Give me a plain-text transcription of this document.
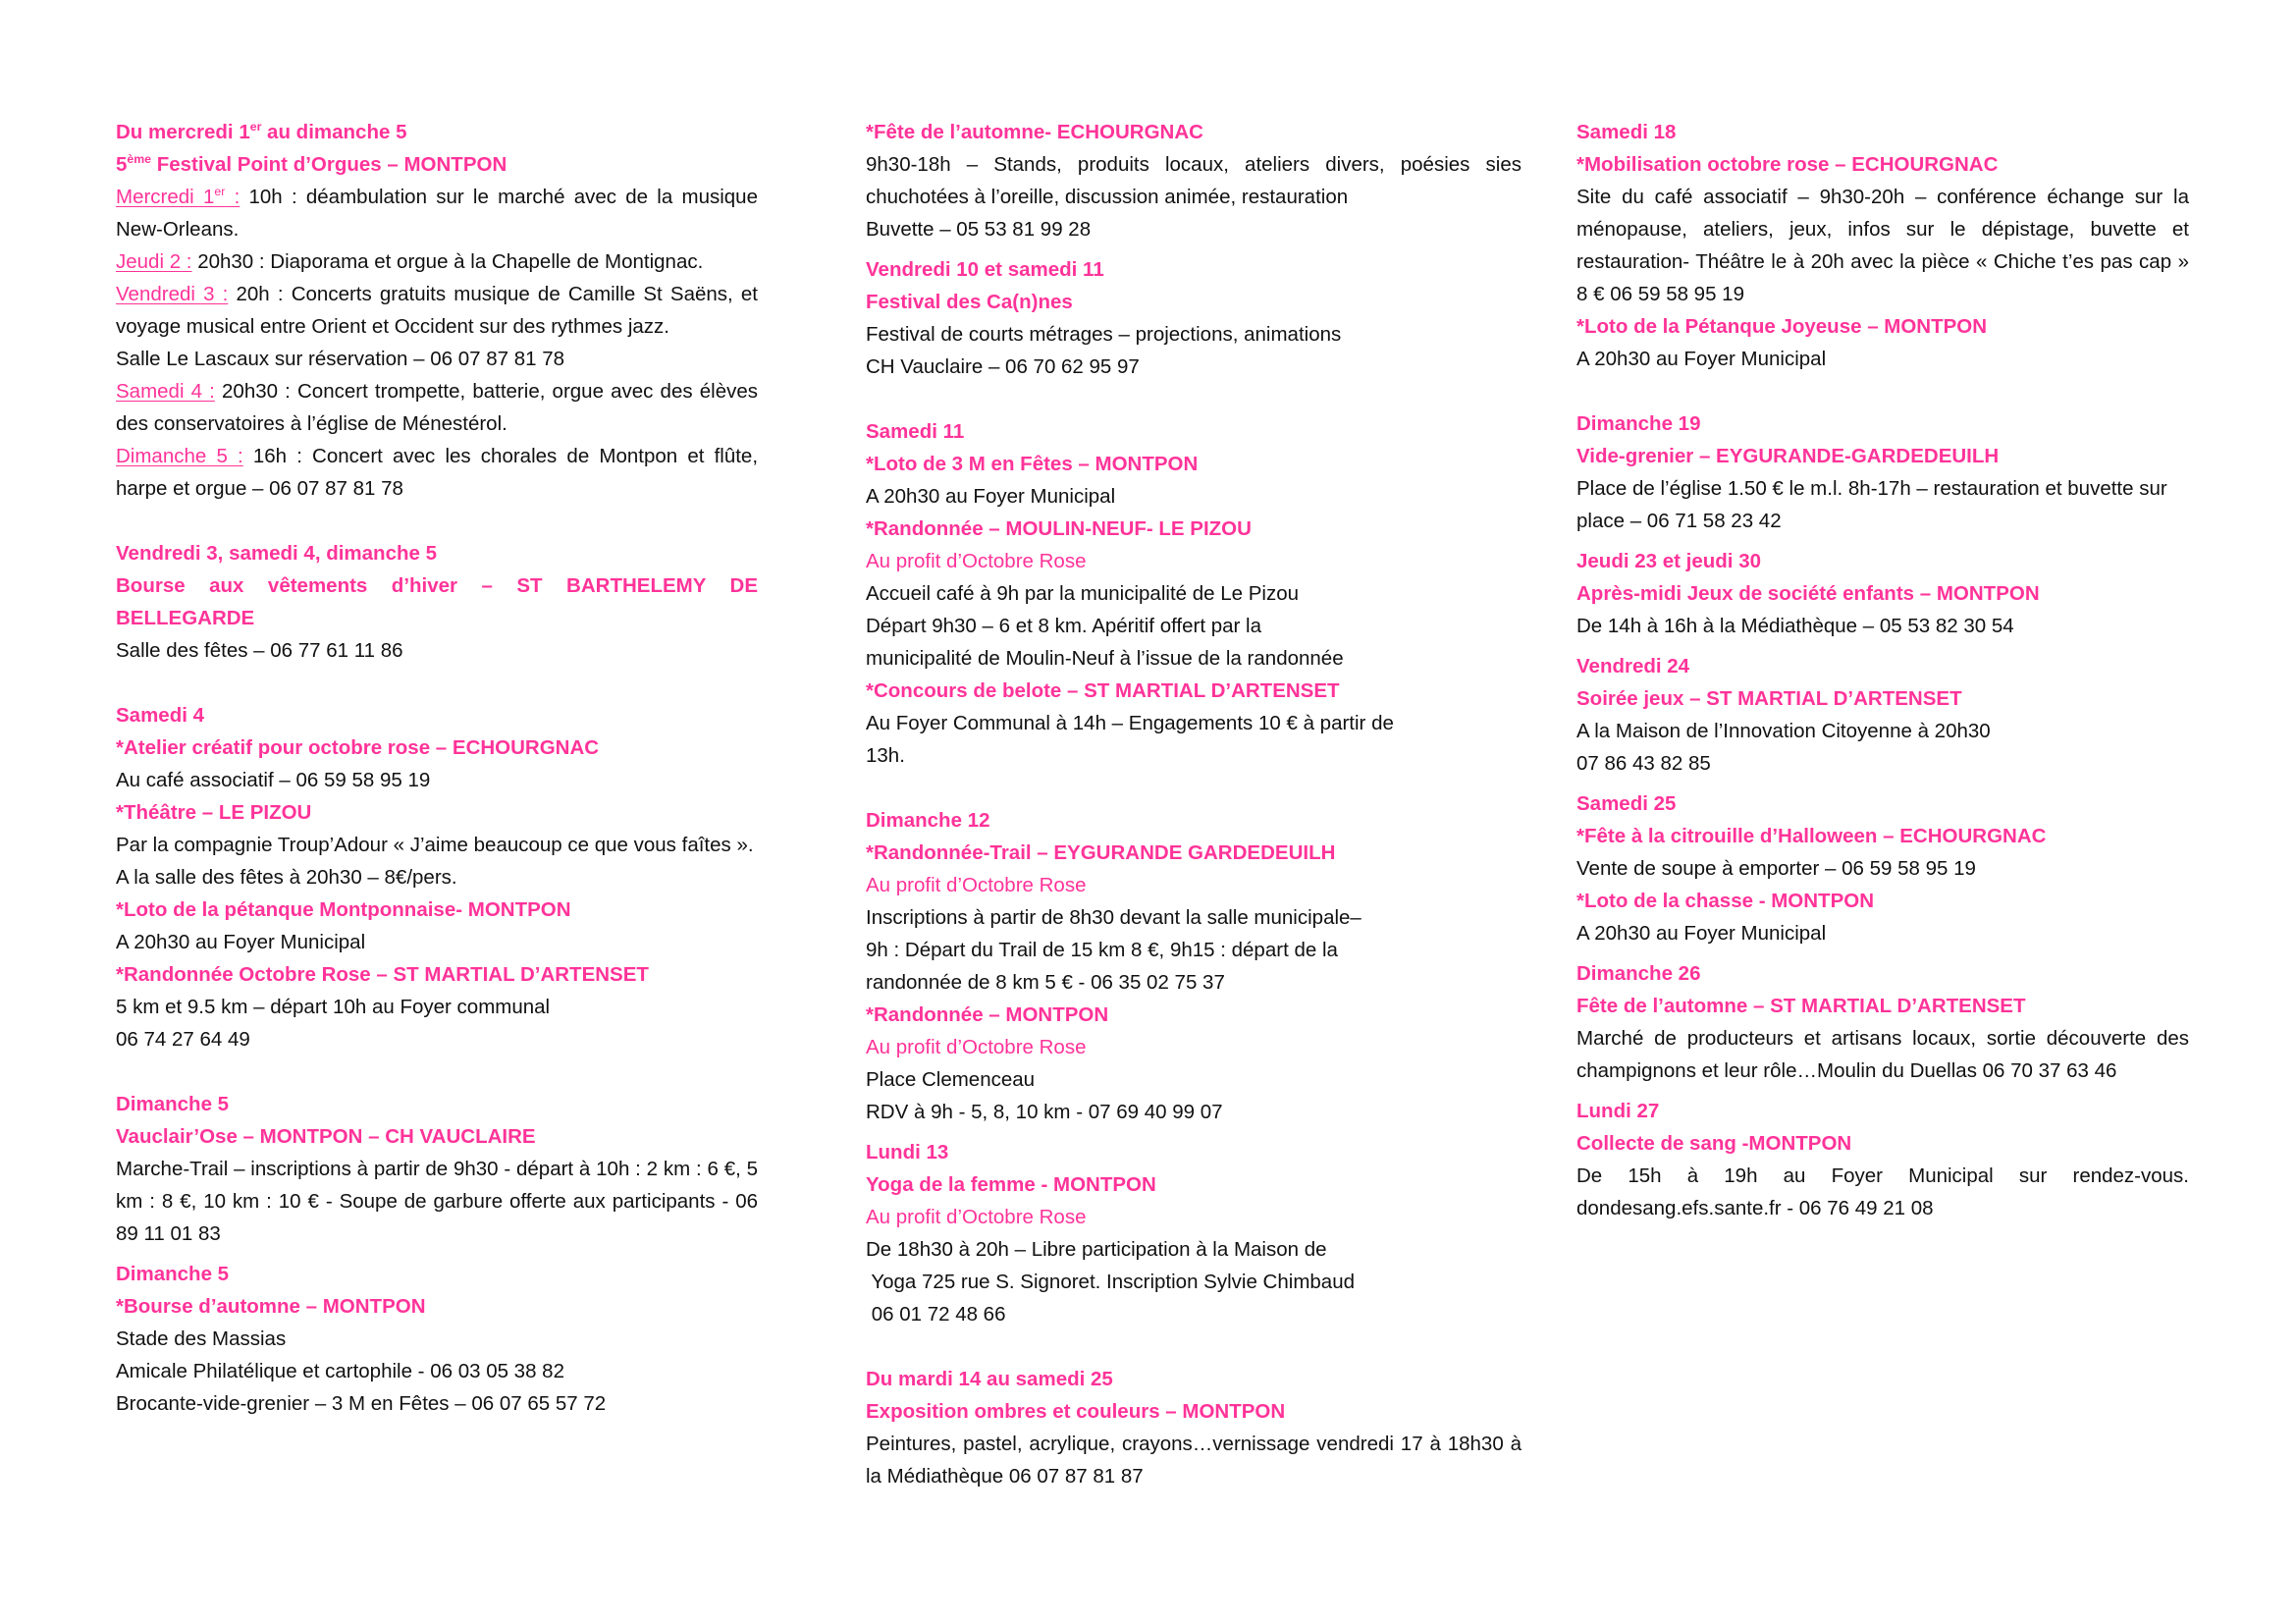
Du mercredi 1er au dimanche 5

5ème Festival Point d’Orgues – MONTPON

Mercredi 1er : 10h : déambulation sur le marché avec de la musique New-Orleans.

Jeudi 2 : 20h30 : Diaporama et orgue à la Chapelle de Montignac.

Vendredi 3 : 20h : Concerts gratuits musique de Camille St Saëns, et voyage musical entre Orient et Occident sur des rythmes jazz.

Salle Le Lascaux sur réservation – 06 07 87 81 78

Samedi 4 : 20h30 : Concert trompette, batterie, orgue avec des élèves des conservatoires à l’église de Ménestérol.

Dimanche 5 : 16h : Concert avec les chorales de Montpon et flûte, harpe et orgue – 06 07 87 81 78

Vendredi 3, samedi 4, dimanche 5

Bourse aux vêtements d’hiver – ST BARTHELEMY DE BELLEGARDE

Salle des fêtes – 06 77 61 11 86

Samedi 4

*Atelier créatif pour octobre rose – ECHOURGNAC

Au café associatif – 06 59 58 95 19

*Théâtre – LE PIZOU

Par la compagnie Troup’Adour « J’aime beaucoup ce que vous faîtes ».

A la salle des fêtes à 20h30 – 8€/pers.

*Loto de la pétanque Montponnaise- MONTPON

A 20h30 au Foyer Municipal

*Randonnée Octobre Rose – ST MARTIAL D’ARTENSET

5 km et 9.5 km – départ 10h au Foyer communal

06 74 27 64 49

Dimanche 5

Vauclair’Ose – MONTPON – CH VAUCLAIRE

Marche-Trail – inscriptions à partir de 9h30 - départ à 10h : 2 km : 6 €, 5 km : 8 €, 10 km : 10 € - Soupe de garbure offerte aux participants - 06 89 11 01 83

Dimanche 5

*Bourse d’automne – MONTPON

Stade des Massias

Amicale Philatélique et cartophile - 06 03 05 38 82

Brocante-vide-grenier – 3 M en Fêtes – 06 07 65 57 72

*Fête de l’automne- ECHOURGNAC

9h30-18h – Stands, produits locaux, ateliers divers, poésies sies chuchotées à l’oreille, discussion animée, restauration

Buvette – 05 53 81 99 28

Vendredi 10 et samedi 11

Festival des Ca(n)nes

Festival de courts métrages – projections, animations

CH Vauclaire – 06 70 62 95 97

Samedi 11

*Loto de 3 M en Fêtes – MONTPON

A 20h30 au Foyer Municipal

*Randonnée – MOULIN-NEUF- LE PIZOU

Au profit d’Octobre Rose

Accueil café à 9h par la municipalité de Le Pizou

Départ 9h30 – 6 et 8 km. Apéritif offert par la

municipalité de Moulin-Neuf à l’issue de la randonnée

*Concours de belote – ST MARTIAL D’ARTENSET

Au Foyer Communal à 14h – Engagements 10 € à partir de

13h.

Dimanche 12

*Randonnée-Trail – EYGURANDE GARDEDEUILH

Au profit d’Octobre Rose

Inscriptions à partir de 8h30 devant la salle municipale–

9h : Départ du Trail de 15 km 8 €, 9h15 : départ de la

randonnée de 8 km 5 € - 06 35 02 75 37

*Randonnée – MONTPON

Au profit d’Octobre Rose

Place Clemenceau

RDV à 9h - 5, 8, 10 km - 07 69 40 99 07

Lundi 13

Yoga de la femme - MONTPON

Au profit d’Octobre Rose

De 18h30 à 20h – Libre participation à la Maison de

Yoga 725 rue S. Signoret. Inscription Sylvie Chimbaud

06 01 72 48 66

Du mardi 14 au samedi 25

Exposition ombres et couleurs – MONTPON

Peintures, pastel, acrylique, crayons…vernissage vendredi 17 à 18h30 à la Médiathèque 06 07 87 81 87

Samedi 18

*Mobilisation octobre rose – ECHOURGNAC

Site du café associatif – 9h30-20h – conférence échange sur la ménopause, ateliers, jeux, infos sur le dépistage, buvette et restauration- Théâtre le à 20h avec la pièce « Chiche t’es pas cap » 8 € 06 59 58 95 19

*Loto de la Pétanque Joyeuse – MONTPON

A 20h30 au Foyer Municipal

Dimanche 19

Vide-grenier – EYGURANDE-GARDEDEUILH

Place de l’église 1.50 € le m.l. 8h-17h – restauration et buvette sur place – 06 71 58 23 42

Jeudi 23 et jeudi 30

Après-midi Jeux de société enfants – MONTPON

De 14h à 16h à la Médiathèque – 05 53 82 30 54

Vendredi 24

Soirée jeux – ST MARTIAL D’ARTENSET

A la Maison de l’Innovation Citoyenne à 20h30

07 86 43 82 85

Samedi 25

*Fête à la citrouille d’Halloween – ECHOURGNAC

Vente de soupe à emporter – 06 59 58 95 19

*Loto de la chasse - MONTPON

A 20h30 au Foyer Municipal

Dimanche 26

Fête de l’automne – ST MARTIAL D’ARTENSET

Marché de producteurs et artisans locaux, sortie découverte des champignons et leur rôle…Moulin du Duellas 06 70 37 63 46

Lundi 27

Collecte de sang -MONTPON

De 15h à 19h au Foyer Municipal sur rendez-vous. dondesang.efs.sante.fr - 06 76 49 21 08
